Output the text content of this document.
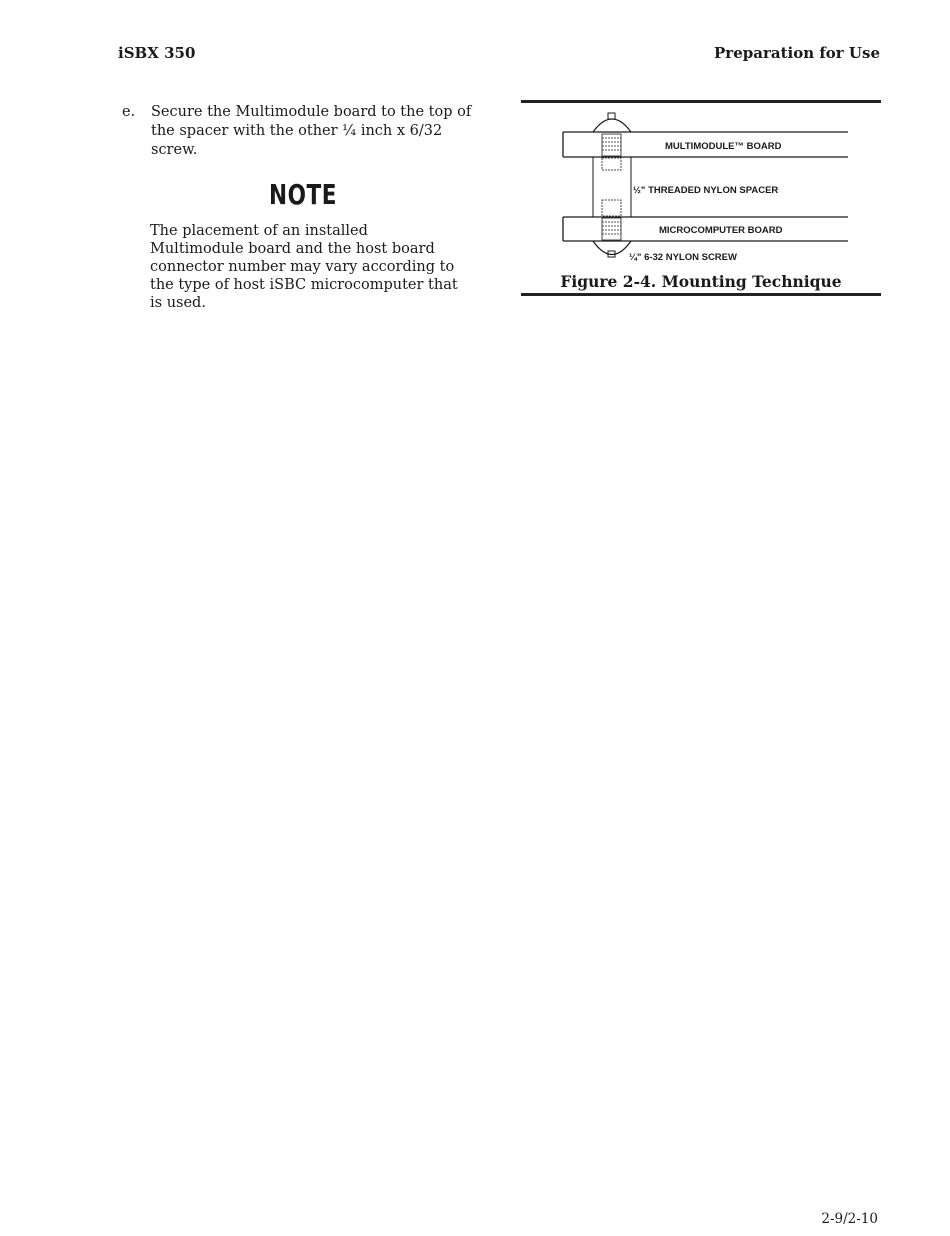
iSBX 350	Preparation for Use
e. Secure the Multimodule board to the top of the spacer with the other ¼ inch x 6/32 screw.
NOTE
The placement of an installed Multimodule board and the host board connector number may vary according to the type of host iSBC microcomputer that is used.
MULTIMODULE™ BOARD
½" THREADED NYLON SPACER
MICROCOMPUTER BOARD
¼" 6-32 NYLON SCREW
Figure 2-4. Mounting Technique
2-9/2-10
